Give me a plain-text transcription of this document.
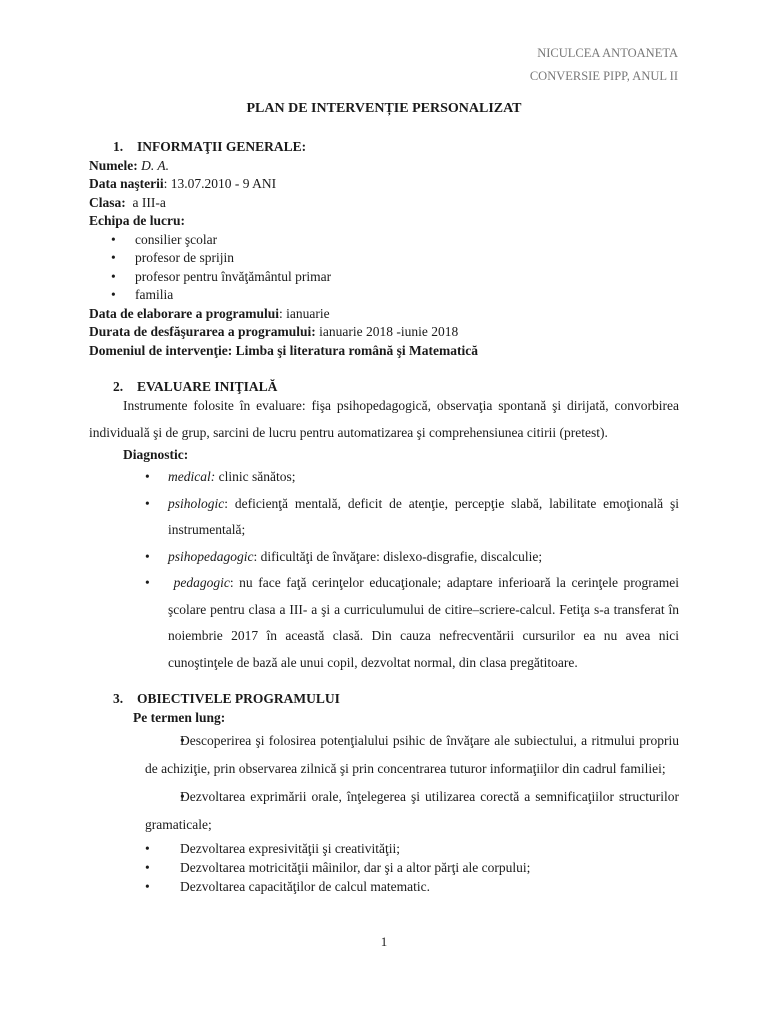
NICULCEA ANTOANETA
CONVERSIE PIPP, ANUL II
PLAN DE INTERVENȚIE PERSONALIZAT
1. INFORMAŢII GENERALE:
Numele: D. A.
Data naşterii: 13.07.2010 - 9 ANI
Clasa: a III-a
Echipa de lucru:
• consilier şcolar
• profesor de sprijin
• profesor pentru învăţământul primar
• familia
Data de elaborare a programului: ianuarie
Durata de desfăşurarea a programului: ianuarie 2018 -iunie 2018
Domeniul de intervenţie: Limba şi literatura română şi Matematică
2. EVALUARE INIŢIALĂ
Instrumente folosite în evaluare: fişa psihopedagogică, observaţia spontană şi dirijată, convorbirea individuală şi de grup, sarcini de lucru pentru automatizarea şi comprehensiunea citirii (pretest).
Diagnostic:
• medical: clinic sănătos;
• psihologic: deficienţă mentală, deficit de atenţie, percepţie slabă, labilitate emoţională şi instrumentală;
• psihopedagogic: dificultăţi de învăţare: dislexo-disgrafie, discalculie;
• pedagogic: nu face faţă cerinţelor educaţionale; adaptare inferioară la cerinţele programei şcolare pentru clasa a III- a şi a curriculumului de citire–scriere-calcul. Fetiţa s-a transferat în noiembrie 2017 în această clasă. Din cauza nefrecventării cursurilor ea nu avea nici cunoştinţele de bază ale unui copil, dezvoltat normal, din clasa pregătitoare.
3. OBIECTIVELE PROGRAMULUI
Pe termen lung:
• Descoperirea şi folosirea potenţialului psihic de învăţare ale subiectului, a ritmului propriu de achiziţie, prin observarea zilnică şi prin concentrarea tuturor informaţiilor din cadrul familiei;
• Dezvoltarea exprimării orale, înţelegerea şi utilizarea corectă a semnificaţiilor structurilor gramaticale;
• Dezvoltarea expresivităţii şi creativităţii;
• Dezvoltarea motricităţii mâinilor, dar şi a altor părţi ale corpului;
• Dezvoltarea capacităţilor de calcul matematic.
1
